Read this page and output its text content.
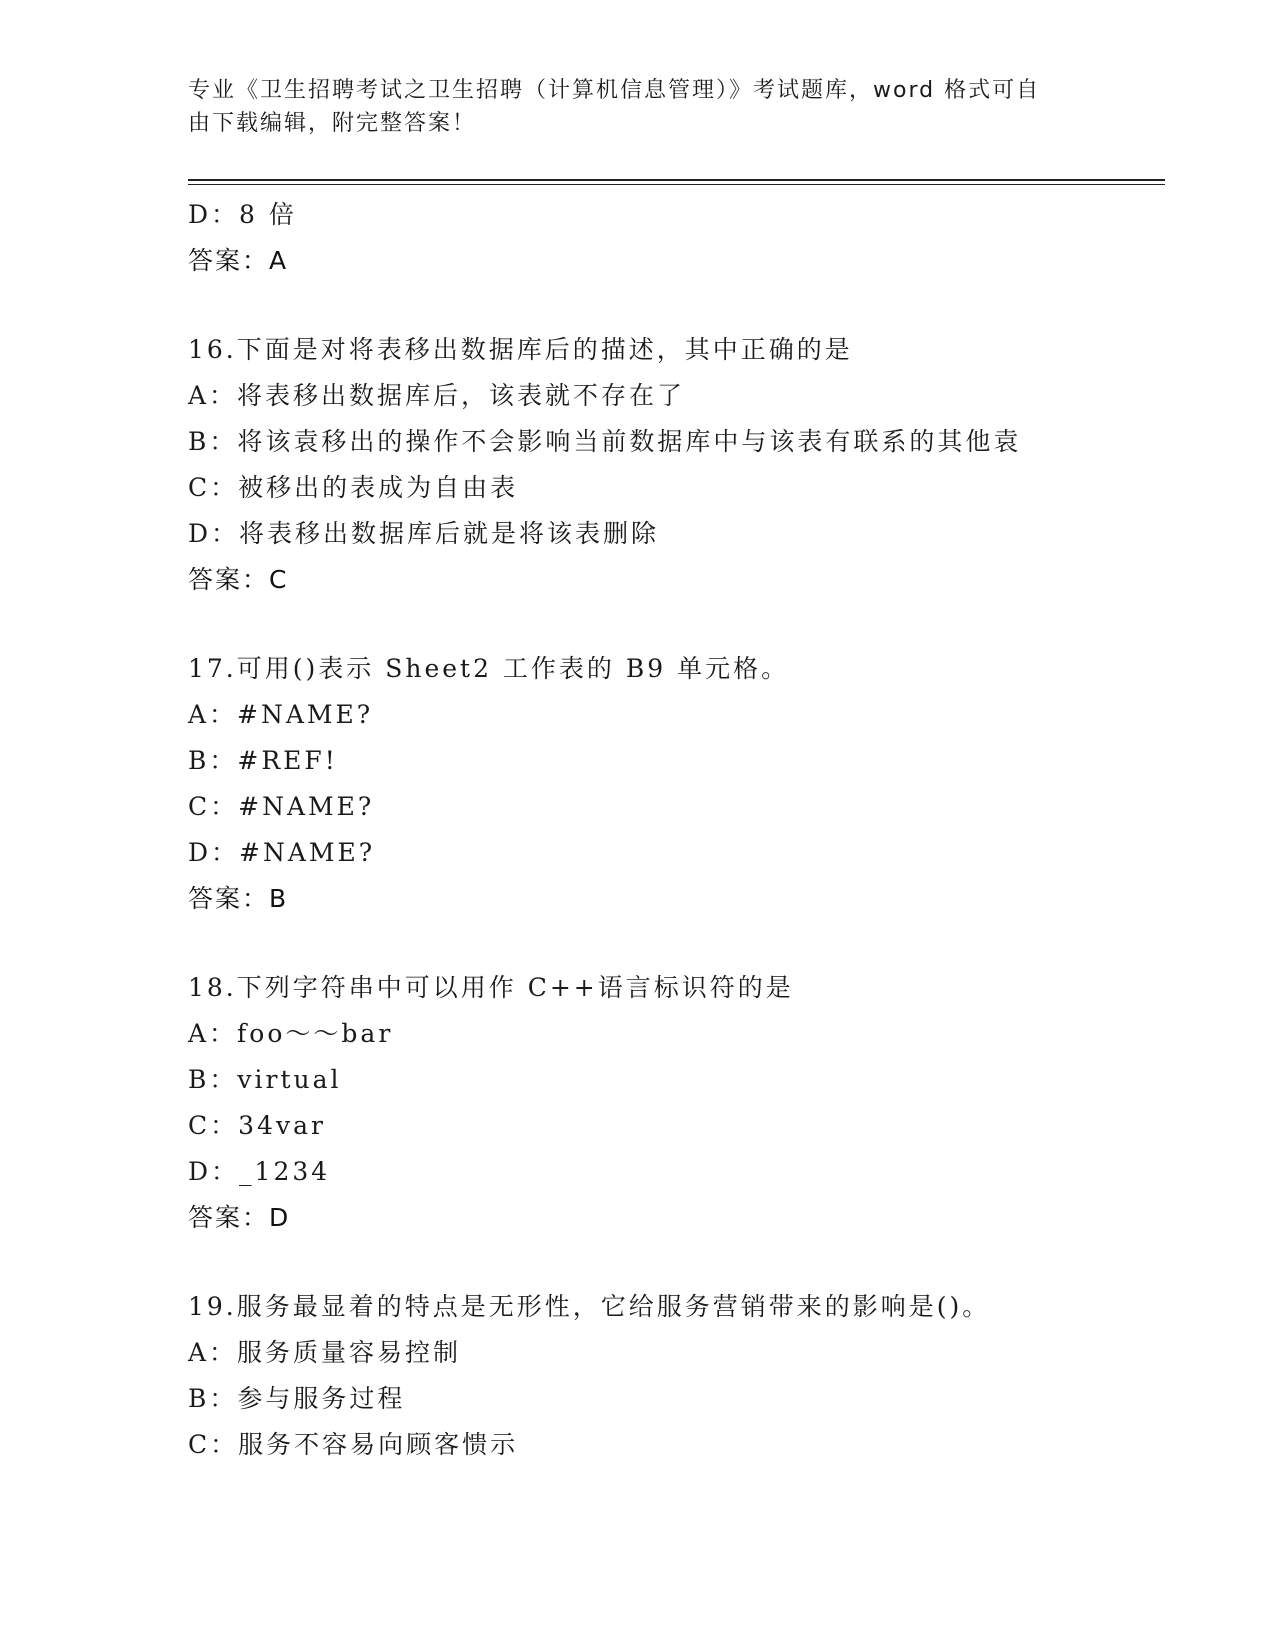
专业《卫生招聘考试之卫生招聘（计算机信息管理）》考试题库，word 格式可自
由下载编辑，附完整答案！
D：8 倍
答案：A
16.下面是对将表移出数据库后的描述，其中正确的是
A：将表移出数据库后，该表就不存在了
B：将该袁移出的操作不会影响当前数据库中与该表有联系的其他袁
C：被移出的表成为自由表
D：将表移出数据库后就是将该表删除
答案：C
17.可用()表示 Sheet2 工作表的 B9 单元格。
A：#NAME?
B：#REF!
C：#NAME?
D：#NAME?
答案：B
18.下列字符串中可以用作 C++语言标识符的是
A：foo～～bar
B：virtual
C：34var
D：_1234
答案：D
19.服务最显着的特点是无形性，它给服务营销带来的影响是()。
A：服务质量容易控制
B：参与服务过程
C：服务不容易向顾客愦示
